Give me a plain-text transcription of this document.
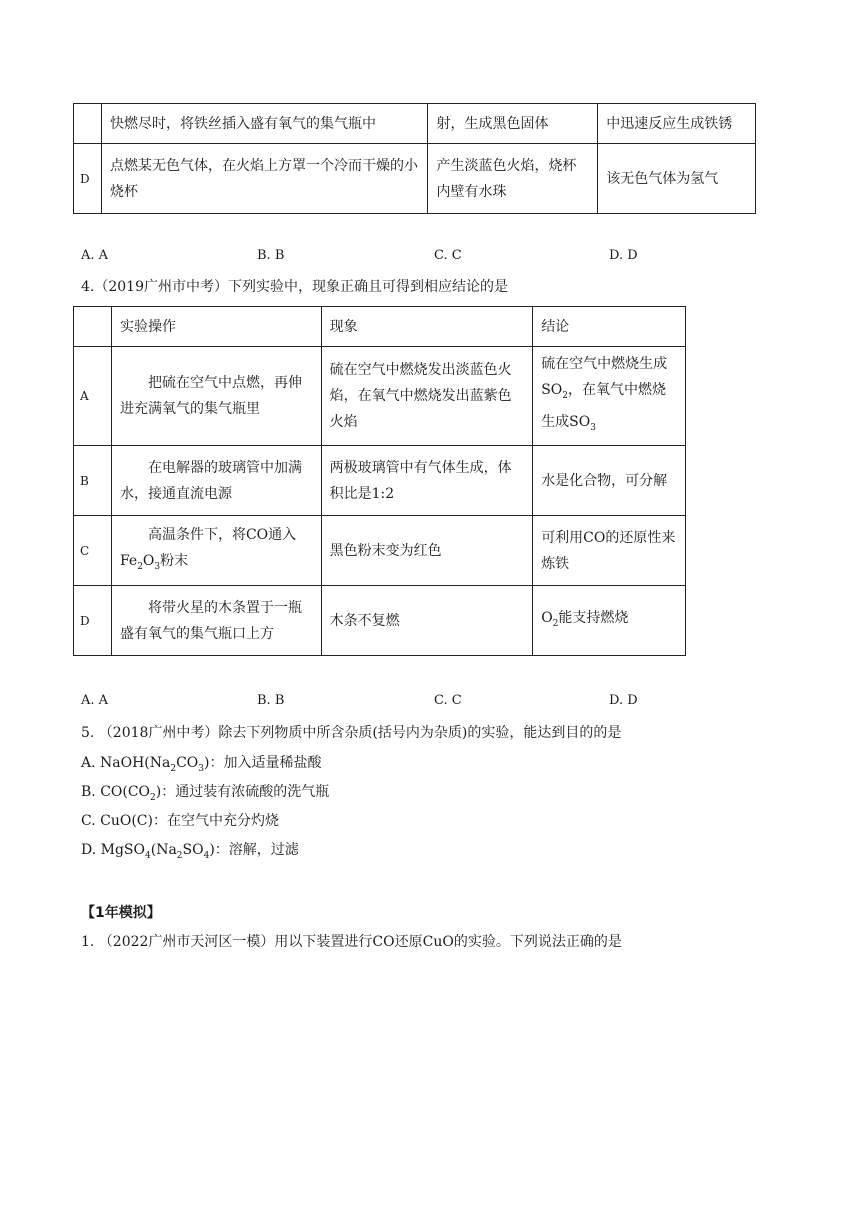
	快燃尽时，将铁丝插入盛有氧气的集气瓶中	射，生成黑色固体	中迅速反应生成铁锈
D	点燃某无色气体，在火焰上方罩一个冷而干燥的小烧杯	产生淡蓝色火焰，烧杯内壁有水珠	该无色气体为氢气
A. A	B. B	C. C	D. D
4.（2019广州市中考）下列实验中，现象正确且可得到相应结论的是
	实验操作	现象	结论
A	把硫在空气中点燃，再伸进充满氧气的集气瓶里	硫在空气中燃烧发出淡蓝色火焰，在氧气中燃烧发出蓝紫色火焰	硫在空气中燃烧生成$SO_2$，在氧气中燃烧生成$SO_3$
B	在电解器的玻璃管中加满水，接通直流电源	两极玻璃管中有气体生成，体积比是1:2	水是化合物，可分解
C	高温条件下，将CO通入$Fe_2O_3$粉末	黑色粉末变为红色	可利用CO的还原性来炼铁
D	将带火星的木条置于一瓶盛有氧气的集气瓶口上方	木条不复燃	$O_2$能支持燃烧
A. A	B. B	C. C	D. D
5. （2018广州中考）除去下列物质中所含杂质(括号内为杂质)的实验，能达到目的的是
A. $NaOH(Na_2CO_3)$：加入适量稀盐酸
B. $CO(CO_2)$：通过装有浓硫酸的洗气瓶
C. CuO(C)：在空气中充分灼烧
D. $MgSO_4(Na_2SO_4)$：溶解，过滤
【1年模拟】
1. （2022广州市天河区一模）用以下装置进行CO还原CuO的实验。下列说法正确的是
